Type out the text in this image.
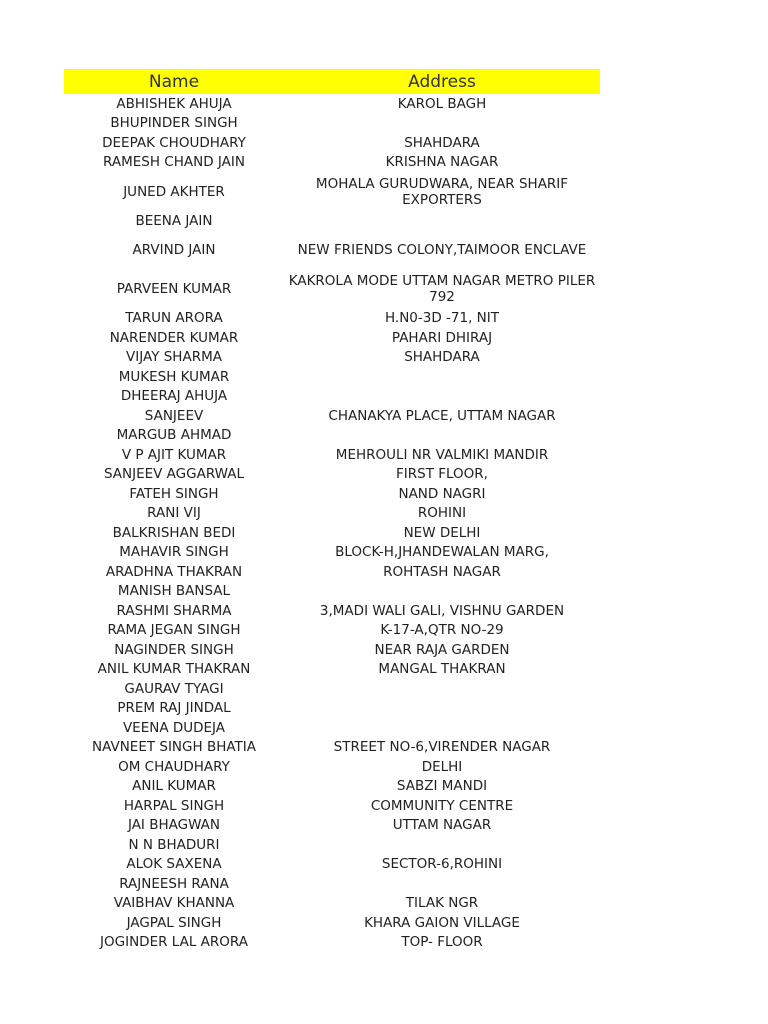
Name	Address
ABHISHEK AHUJA	KAROL BAGH
BHUPINDER SINGH
DEEPAK CHOUDHARY	SHAHDARA
RAMESH CHAND JAIN	KRISHNA NAGAR
JUNED AKHTER	MOHALA GURUDWARA, NEAR SHARIF EXPORTERS
BEENA JAIN
ARVIND JAIN	NEW FRIENDS COLONY,TAIMOOR ENCLAVE
PARVEEN KUMAR	KAKROLA MODE UTTAM NAGAR METRO PILER 792
TARUN ARORA	H.N0-3D -71, NIT
NARENDER KUMAR	PAHARI DHIRAJ
VIJAY SHARMA	SHAHDARA
MUKESH KUMAR
DHEERAJ AHUJA
SANJEEV	CHANAKYA PLACE, UTTAM NAGAR
MARGUB AHMAD
V P AJIT KUMAR	MEHROULI NR VALMIKI MANDIR
SANJEEV AGGARWAL	FIRST FLOOR,
FATEH SINGH	NAND NAGRI
RANI VIJ	ROHINI
BALKRISHAN BEDI	NEW DELHI
MAHAVIR SINGH	BLOCK-H,JHANDEWALAN MARG,
ARADHNA THAKRAN	ROHTASH NAGAR
MANISH BANSAL
RASHMI SHARMA	3,MADI WALI GALI, VISHNU GARDEN
RAMA JEGAN SINGH	K-17-A,QTR NO-29
NAGINDER SINGH	NEAR RAJA GARDEN
ANIL KUMAR THAKRAN	MANGAL THAKRAN
GAURAV TYAGI
PREM RAJ JINDAL
VEENA DUDEJA
NAVNEET SINGH BHATIA	STREET NO-6,VIRENDER NAGAR
OM CHAUDHARY	DELHI
ANIL KUMAR	SABZI MANDI
HARPAL SINGH	COMMUNITY CENTRE
JAI BHAGWAN	UTTAM NAGAR
N N BHADURI
ALOK SAXENA	SECTOR-6,ROHINI
RAJNEESH RANA
VAIBHAV KHANNA	TILAK NGR
JAGPAL SINGH	KHARA GAION VILLAGE
JOGINDER LAL ARORA	TOP- FLOOR
